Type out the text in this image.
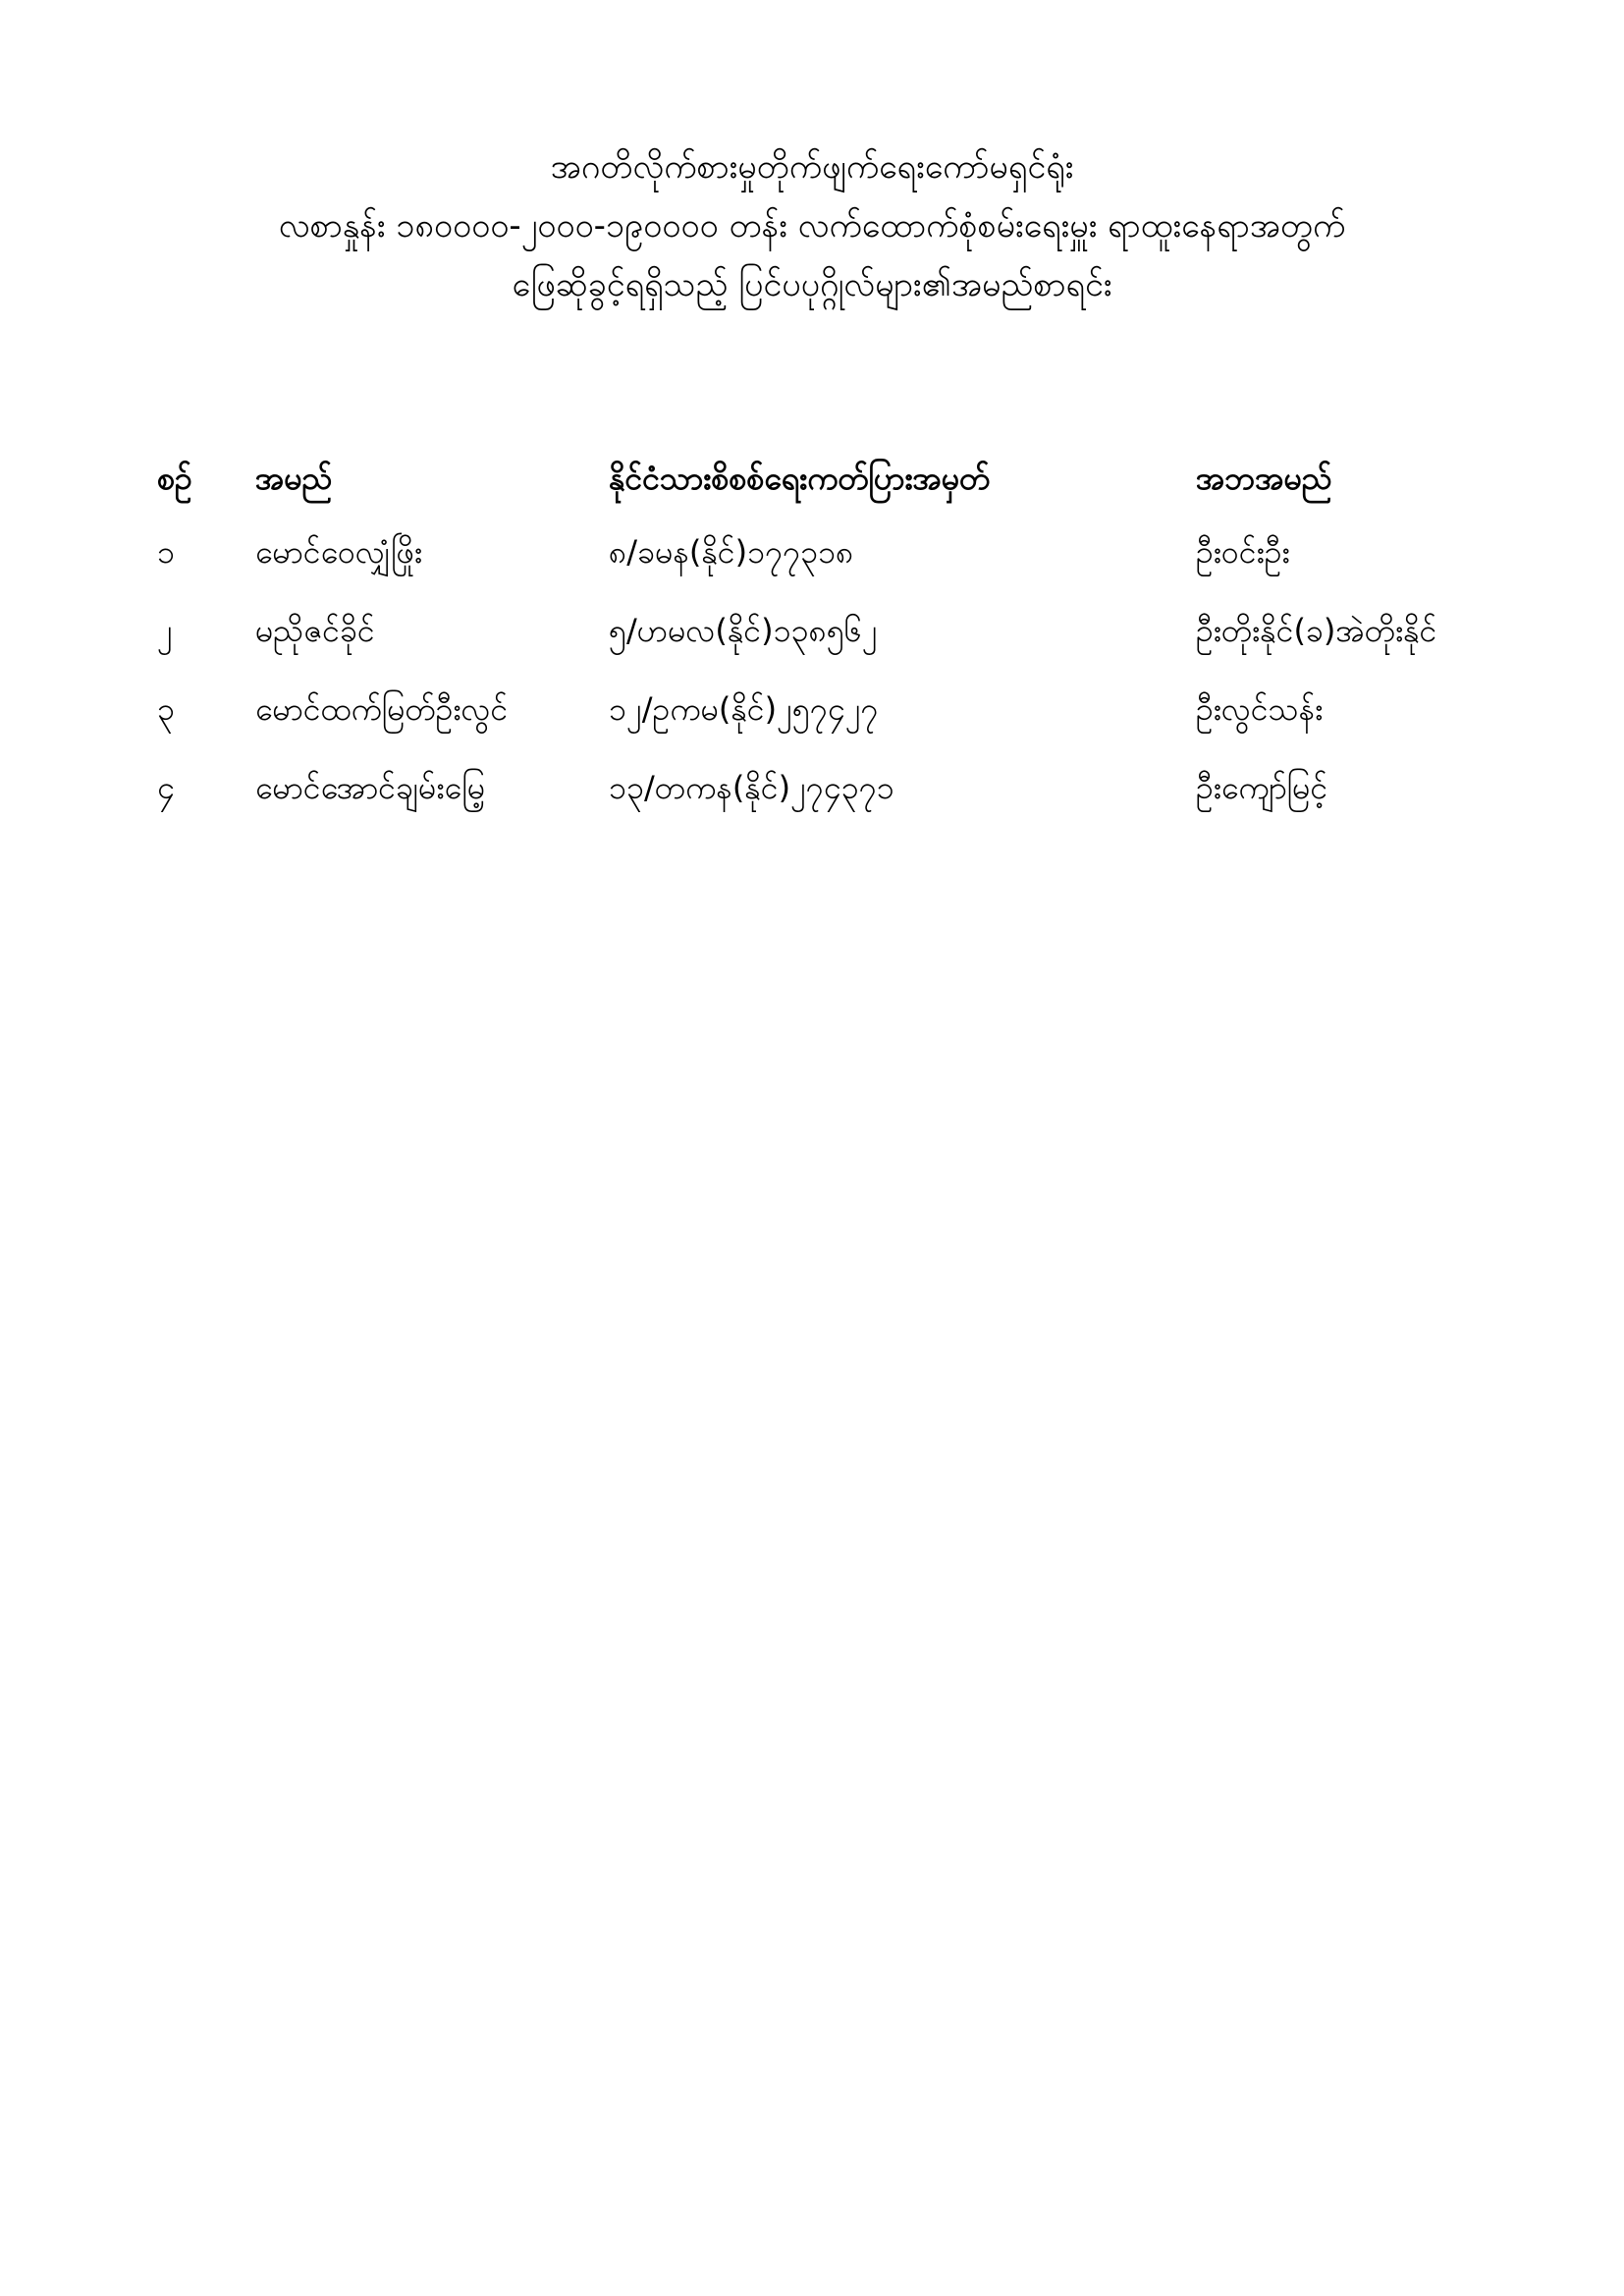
အဂတိလိုက်စားမှုတိုက်ဖျက်ရေးကော်မရှင်ရုံး
လစာနှုန်း ၁၈၀၀၀၀-၂၀၀၀-၁၉၀၀၀၀ တန်း လက်ထောက်စုံစမ်းရေးမှူး ရာထူးနေရာအတွက်
ဖြေဆိုခွင့်ရရှိသည့် ပြင်ပပုဂ္ဂိုလ်များ၏အမည်စာရင်း
စဉ်	အမည်	နိုင်ငံသားစိစစ်ရေးကတ်ပြားအမှတ်	အဘအမည်
၁	မောင်ဝေလျှံဖြိုး	၈/ခမန(နိုင်)၁၇၇၃၁၈	ဦးဝင်းဦး
၂	မညိုဇင်ခိုင်	၅/ဟမလ(နိုင်)၁၃၈၅၆၂	ဦးတိုးနိုင်(ခ)အဲတိုးနိုင်
၃	မောင်ထက်မြတ်ဦးလွင်	၁၂/ဥကမ(နိုင်)၂၅၇၄၂၇	ဦးလွင်သန်း
၄	မောင်အောင်ချမ်းမြေ့	၁၃/တကန(နိုင်)၂၇၄၃၇၁	ဦးကျော်မြင့်
